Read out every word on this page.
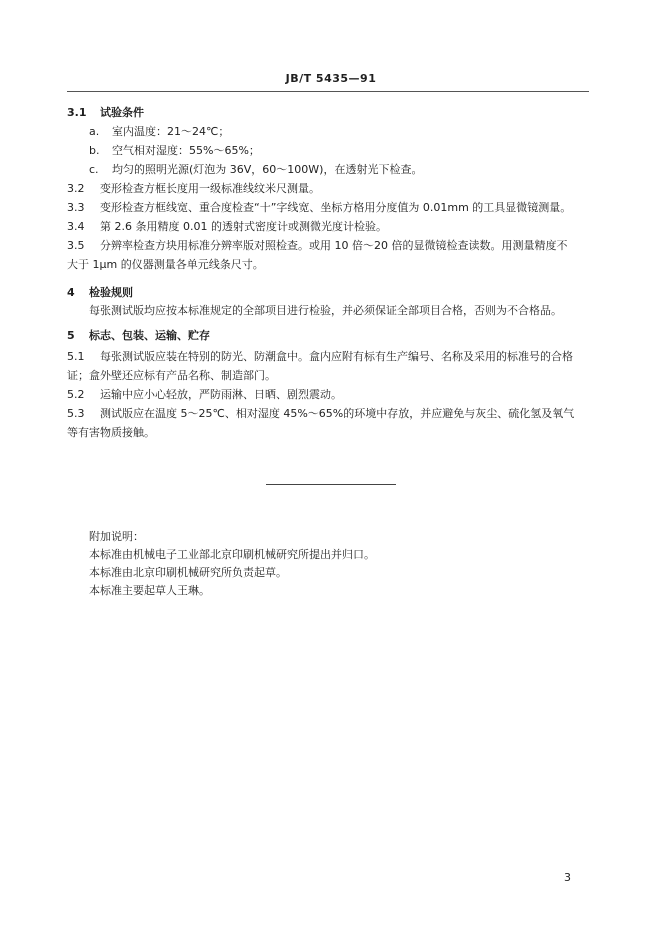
JB/T 5435—91
3.1 试验条件
a. 室内温度：21～24℃；
b. 空气相对湿度：55%～65%；
c. 均匀的照明光源(灯泡为 36V，60～100W)，在透射光下检查。
3.2 变形检查方框长度用一级标准线纹米尺测量。
3.3 变形检查方框线宽、重合度检查“十”字线宽、坐标方格用分度值为 0.01mm 的工具显微镜测量。
3.4 第 2.6 条用精度 0.01 的透射式密度计或测微光度计检验。
3.5 分辨率检查方块用标准分辨率版对照检查。或用 10 倍～20 倍的显微镜检查读数。用测量精度不
大于 1μm 的仪器测量各单元线条尺寸。
4 检验规则
每张测试版均应按本标准规定的全部项目进行检验，并必须保证全部项目合格，否则为不合格品。
5 标志、包装、运输、贮存
5.1 每张测试版应装在特别的防光、防潮盒中。盒内应附有标有生产编号、名称及采用的标准号的合格
证；盒外壁还应标有产品名称、制造部门。
5.2 运输中应小心轻放，严防雨淋、日晒、剧烈震动。
5.3 测试版应在温度 5～25℃、相对湿度 45%～65%的环境中存放，并应避免与灰尘、硫化氢及氧气
等有害物质接触。
附加说明：
本标准由机械电子工业部北京印刷机械研究所提出并归口。
本标准由北京印刷机械研究所负责起草。
本标准主要起草人王琳。
3
